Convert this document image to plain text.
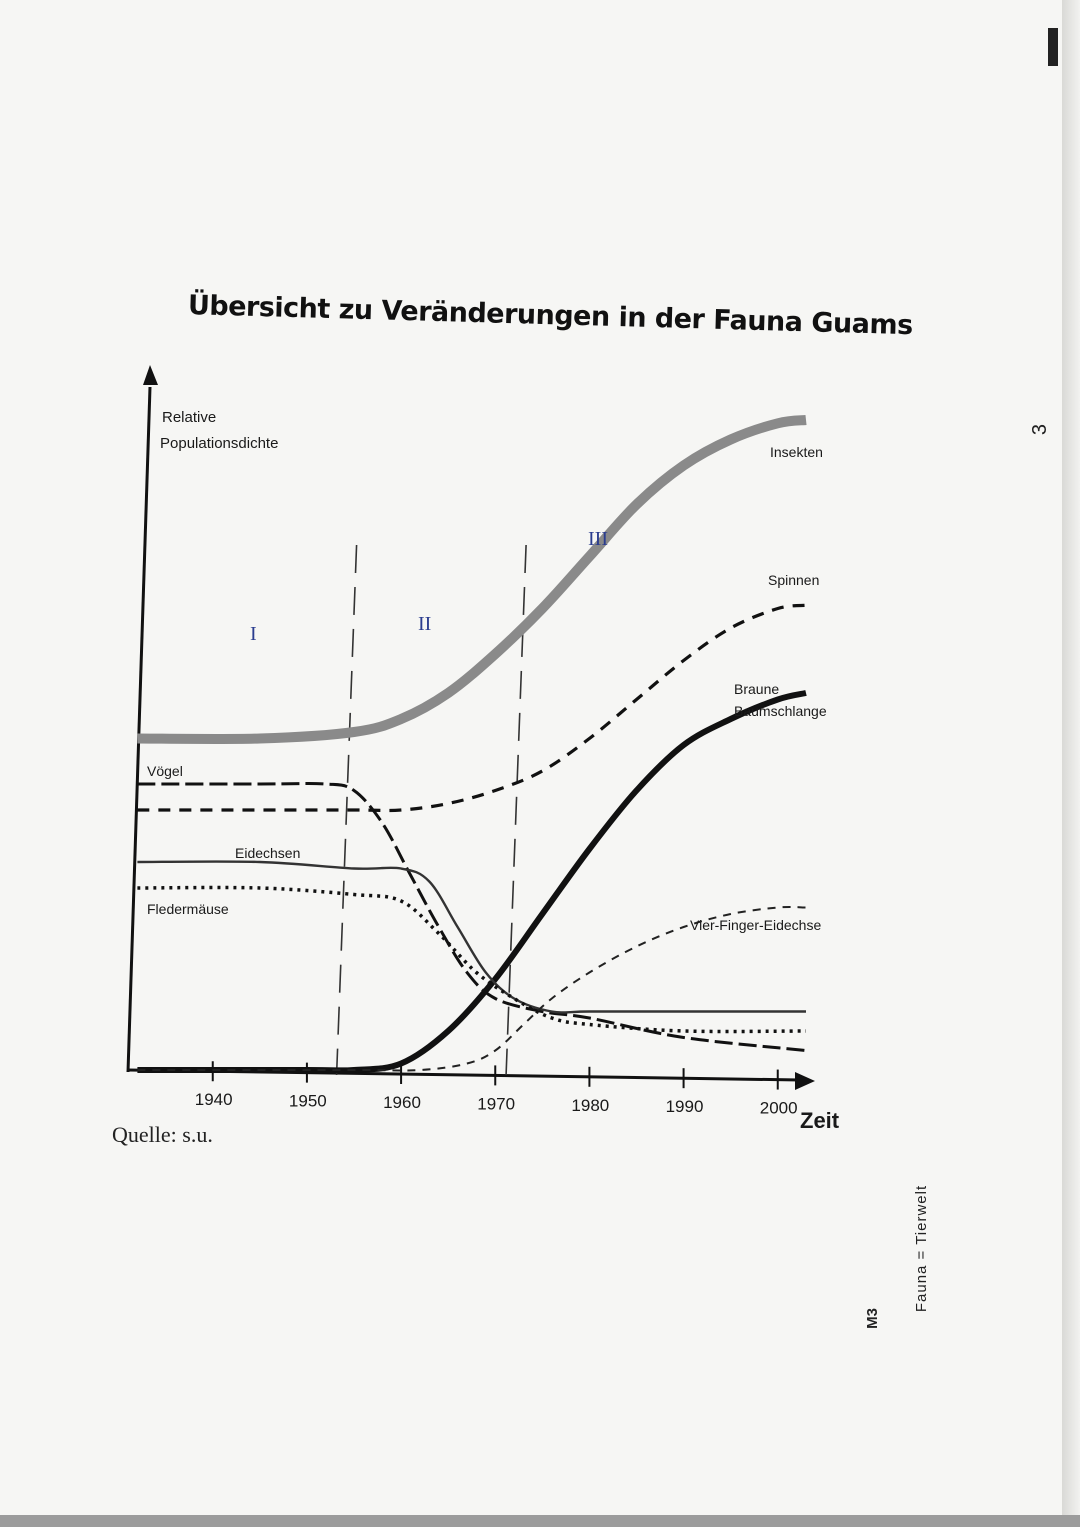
3
Übersicht zu Veränderungen in der Fauna Guams
1940	1950	1960	1970	1980	1990	2000
Relative
Populationsdichte
Zeit
I	II
III
Insekten
Spinnen
Braune
Baumschlange
Vögel
Eidechsen
Fledermäuse
Vier-Finger-Eidechse
Quelle: s.u.
M3
Fauna = Tierwelt
